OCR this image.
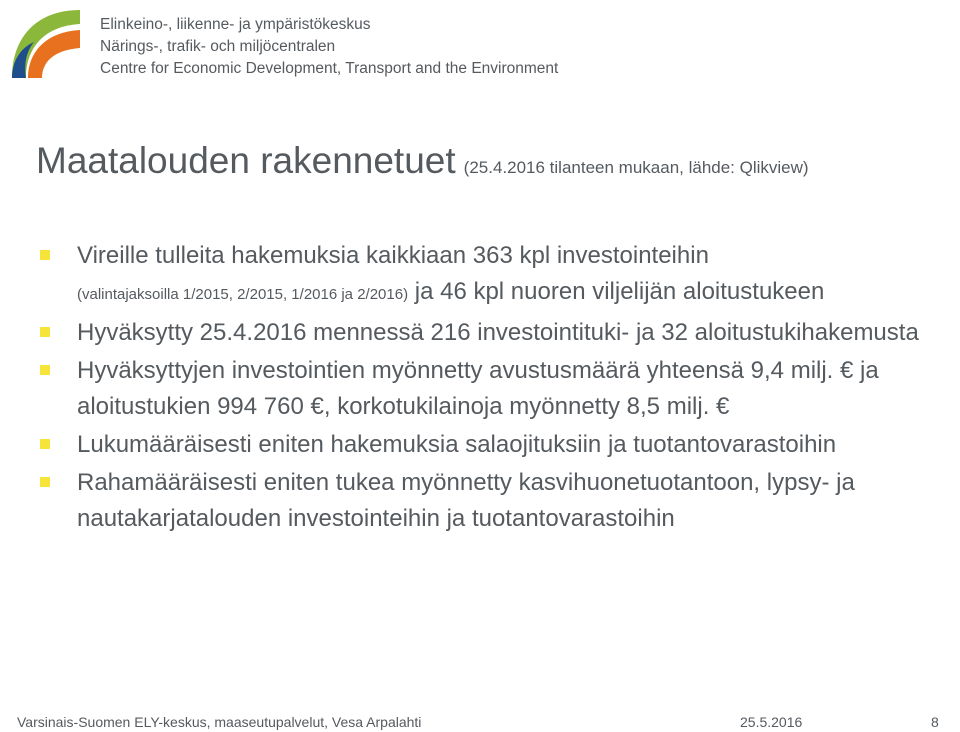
Elinkeino-, liikenne- ja ympäristökeskus
Närings-, trafik- och miljöcentralen
Centre for Economic Development, Transport and the Environment
Maatalouden rakennetuet (25.4.2016 tilanteen mukaan, lähde: Qlikview)
Vireille tulleita hakemuksia kaikkiaan 363 kpl investointeihin
(valintajaksoilla 1/2015, 2/2015, 1/2016 ja 2/2016) ja 46 kpl nuoren viljelijän aloitustukeen
Hyväksytty 25.4.2016 mennessä 216 investointituki- ja 32 aloitustukihakemusta
Hyväksyttyjen investointien myönnetty avustusmäärä yhteensä 9,4 milj. € ja aloitustukien 994 760 €, korkotukilainoja myönnetty 8,5 milj. €
Lukumääräisesti eniten hakemuksia salaojituksiin ja tuotantovarastoihin
Rahamääräisesti eniten tukea myönnetty kasvihuonetuotantoon, lypsy- ja nautakarjatalouden investointeihin ja tuotantovarastoihin
Varsinais-Suomen ELY-keskus, maaseutupalvelut, Vesa Arpalahti	25.5.2016	8
